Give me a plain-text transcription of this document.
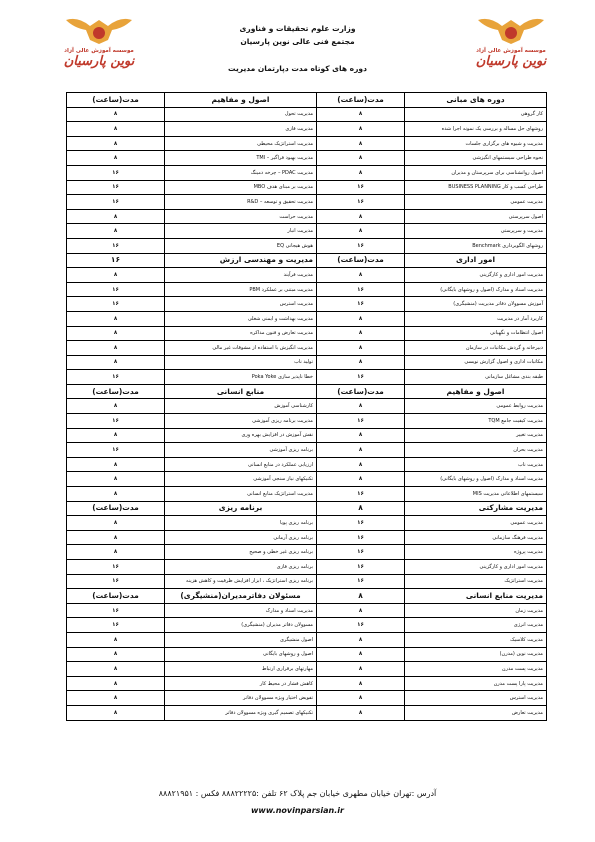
موسسه آموزش عالی آزاد
نوین پارسیان
موسسه آموزش عالی آزاد
نوین پارسیان
وزارت علوم تحقیقات و فناوری
مجتمع فنی عالی نوین پارسیان
دوره های کوتاه مدت دپارتمان مدیریت
دوره های مبانی	مدت(ساعت)	اصول و مفاهیم	مدت(ساعت)
کار گروهی	۸	مدیریت تحول	۸
روشهای حل مساله و بررسی یک نمونه اجرا شده	۸	مدیریت فازی	۸
مدیریت و شیوه های برگزاری جلسات	۸	مدیریت استراتژیک محیطی	۸
نحوه طراحی سیستمهای انگیزشی	۸	مدیریت بهبود فراگیر – TMI	۸
اصول روانشناسی برای سرپرستان و مدیران	۸	مدیریت PDAC – چرخه دمینگ	۱۶
طراحی کسب و کار BUSINESS PLANNING	۱۶	مدیریت بر مبنای هدف MBO	۱۶
مدیریت عمومی	۱۶	مدیریت تحقیق و توسعه – R&D	۱۶
اصول سرپرستی	۸	مدیریت حراست	۸
مدیریت و سرپرستی	۸	مدیریت انبار	۸
روشهای الگوبرداری Benchmark	۱۶	هوش هیجانی EQ	۱۶
امور اداری	مدت(ساعت)	مدیریت و مهندسی ارزش	۱۶
مدیریت امور اداری و کارگزینی	۸	مدیریت فرآیند	۸
مدیریت اسناد و مدارک (اصول و روشهای بایگانی)	۱۶	مدیریت مبتنی بر عملکرد PBM	۱۶
آموزش مسوولان دفاتر مدیریت (منشیگری)	۱۶	مدیریت استرس	۱۶
کاربرد آمار در مدیریت	۸	مدیریت بهداشت و ایمنی شغلی	۸
اصول انتظامات و نگهبانی	۸	مدیریت تعارض و فنون مذاکره	۸
دبیرخانه و گردش مکاتبات در سازمان	۸	مدیریت انگیزش با استفاده از مشوقات غیر مالی	۸
مکاتبات اداری و اصول گزارش نویسی	۸	تولید ناب	۸
طبقه بندی مشاغل سازمانی	۱۶	خطا ناپذیر سازی Poka Yoke	۱۶
اصول و مفاهیم	مدت(ساعت)	منابع انسانی	مدت(ساعت)
مدیریت روابط عمومی	۸	کارشناسی آموزش	۸
مدیریت کیفیت جامع TQM	۱۶	مدیریت برنامه ریزی آموزشی	۱۶
مدیریت تغییر	۸	نقش آموزش در افزایش بهره وری	۸
مدیریت بحران	۸	برنامه ریزی آموزشی	۱۶
مدیریت ناب	۸	ارزیابی عملکرد در منابع انسانی	۸
مدیریت اسناد و مدارک (اصول و روشهای بایگانی)	۸	تکنیکهای نیاز سنجی آموزشی	۸
سیستمهای اطلاعاتی مدیریت MIS	۱۶	مدیریت استراتژیک منابع انسانی	۸
مدیریت مشارکتی	۸	برنامه ریزی	مدت(ساعت)
مدیریت عمومی	۱۶	برنامه ریزی پویا	۸
مدیریت فرهنگ سازمانی	۱۶	برنامه ریزی آرمانی	۸
مدیریت پروژه	۱۶	برنامه ریزی غیر خطی و صحیح	۸
مدیریت امور اداری و کارگزینی	۱۶	برنامه ریزی فازی	۱۶
مدیریت استراتژیک	۱۶	برنامه ریزی استراتژیک ، ابزار افزایش ظرفیت و کاهش هزینه	۱۶
مدیریت منابع انسانی	۸	مسئولان دفاترمدیران(منشیگری)	مدت(ساعت)
مدیریت زمان	۸	مدیریت اسناد و مدارک	۱۶
مدیریت انرژی	۱۶	مسوولان دفاتر مدیران (منشیگری)	۱۶
مدیریت کلاسیک	۸	اصول منشیگری	۸
مدیریت نوین (مدرن)	۸	اصول و روشهای بایگانی	۸
مدیریت پست مدرن	۸	مهارتهای برقراری ارتباط	۸
مدیریت پارا پست مدرن	۸	کاهش فشار در محیط کار	۸
مدیریت استرس	۸	تفویض اختیار ویژه مسوولان دفاتر	۸
مدیریت تعارض	۸	تکنیکهای تصمیم گیری ویژه مسوولان دفاتر	۸
آدرس :تهران خیابان مطهری خیابان جم پلاک ۶۲ تلفن :۸۸۸۲۲۲۲۵ فکس : ۸۸۸۲۱۹۵۱
www.novinparsian.ir
